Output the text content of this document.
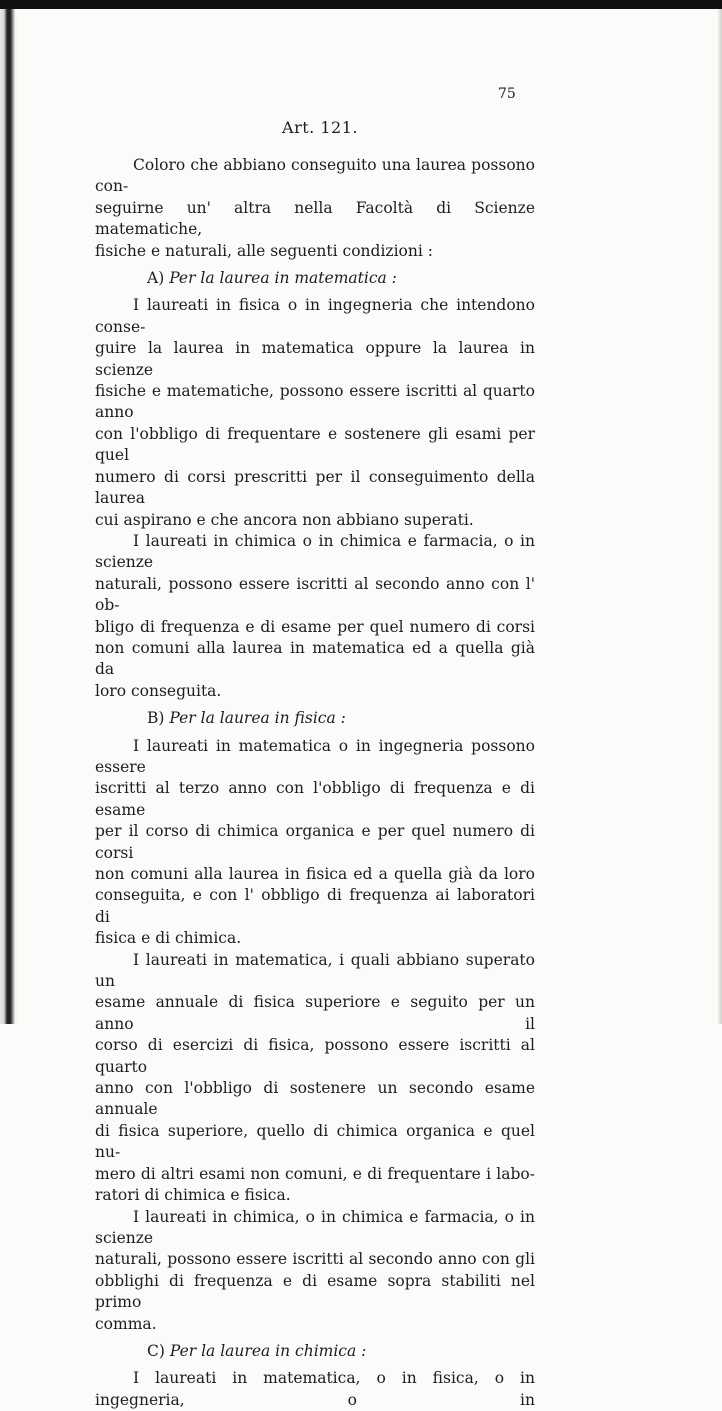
75
Art. 121.

Coloro che abbiano conseguito una laurea possono con-

seguirne un' altra nella Facoltà di Scienze matematiche,

fisiche e naturali, alle seguenti condizioni :

A) Per la laurea in matematica :

I laureati in fisica o in ingegneria che intendono conse-

guire la laurea in matematica oppure la laurea in scienze

fisiche e matematiche, possono essere iscritti al quarto anno

con l'obbligo di frequentare e sostenere gli esami per quel

numero di corsi prescritti per il conseguimento della laurea

cui aspirano e che ancora non abbiano superati.

I laureati in chimica o in chimica e farmacia, o in scienze

naturali, possono essere iscritti al secondo anno con l' ob-

bligo di frequenza e di esame per quel numero di corsi

non comuni alla laurea in matematica ed a quella già da

loro conseguita.

B) Per la laurea in fisica :

I laureati in matematica o in ingegneria possono essere

iscritti al terzo anno con l'obbligo di frequenza e di esame

per il corso di chimica organica e per quel numero di corsi

non comuni alla laurea in fisica ed a quella già da loro

conseguita, e con l' obbligo di frequenza ai laboratori di

fisica e di chimica.

I laureati in matematica, i quali abbiano superato un

esame annuale di fisica superiore e seguito per un anno il

corso di esercizi di fisica, possono essere iscritti al quarto

anno con l'obbligo di sostenere un secondo esame annuale

di fisica superiore, quello di chimica organica e quel nu-

mero di altri esami non comuni, e di frequentare i labo-

ratori di chimica e fisica.

I laureati in chimica, o in chimica e farmacia, o in scienze

naturali, possono essere iscritti al secondo anno con gli

obblighi di frequenza e di esame sopra stabiliti nel primo

comma.

C) Per la laurea in chimica :

I laureati in matematica, o in fisica, o in ingegneria, o in
